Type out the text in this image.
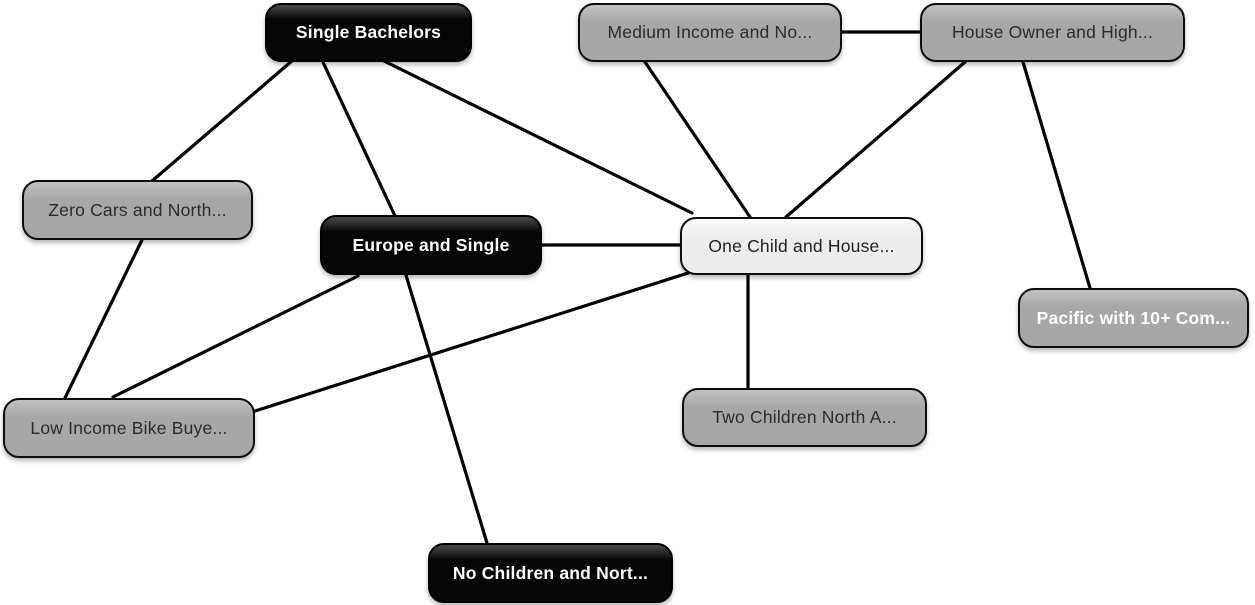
Single Bachelors	Medium Income and No...	House Owner and High...
Zero Cars and North...
Europe and Single	One Child and House...
Pacific with 10+ Com...
Low Income Bike Buye...
Two Children North A...
No Children and Nort...
